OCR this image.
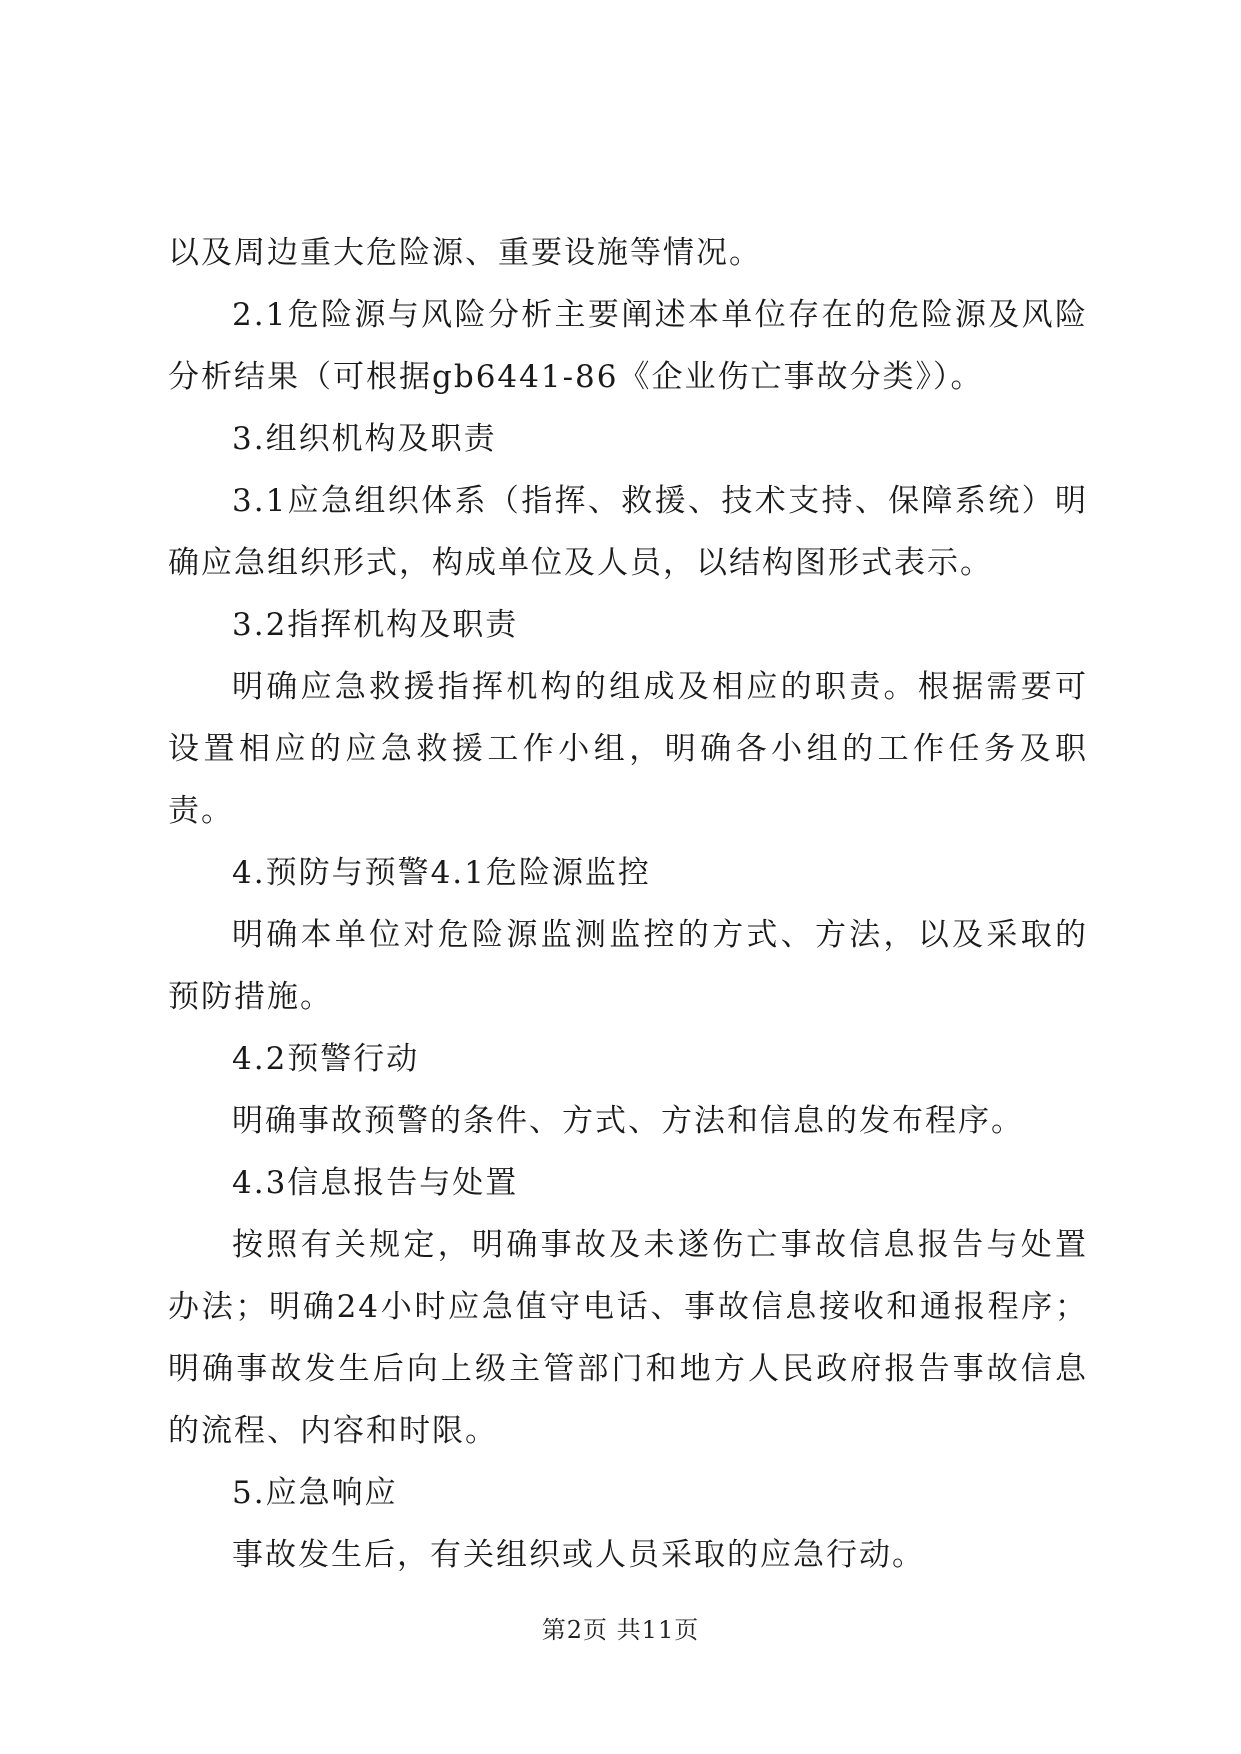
以及周边重大危险源、重要设施等情况。

2.1危险源与风险分析主要阐述本单位存在的危险源及风险分析结果（可根据gb6441-86《企业伤亡事故分类》）。

3.组织机构及职责

3.1应急组织体系（指挥、救援、技术支持、保障系统）明确应急组织形式，构成单位及人员，以结构图形式表示。

3.2指挥机构及职责

明确应急救援指挥机构的组成及相应的职责。根据需要可设置相应的应急救援工作小组，明确各小组的工作任务及职责。

4.预防与预警4.1危险源监控

明确本单位对危险源监测监控的方式、方法，以及采取的预防措施。

4.2预警行动

明确事故预警的条件、方式、方法和信息的发布程序。

4.3信息报告与处置

按照有关规定，明确事故及未遂伤亡事故信息报告与处置办法；明确24小时应急值守电话、事故信息接收和通报程序；明确事故发生后向上级主管部门和地方人民政府报告事故信息的流程、内容和时限。

5.应急响应

事故发生后，有关组织或人员采取的应急行动。

第2页 共11页
